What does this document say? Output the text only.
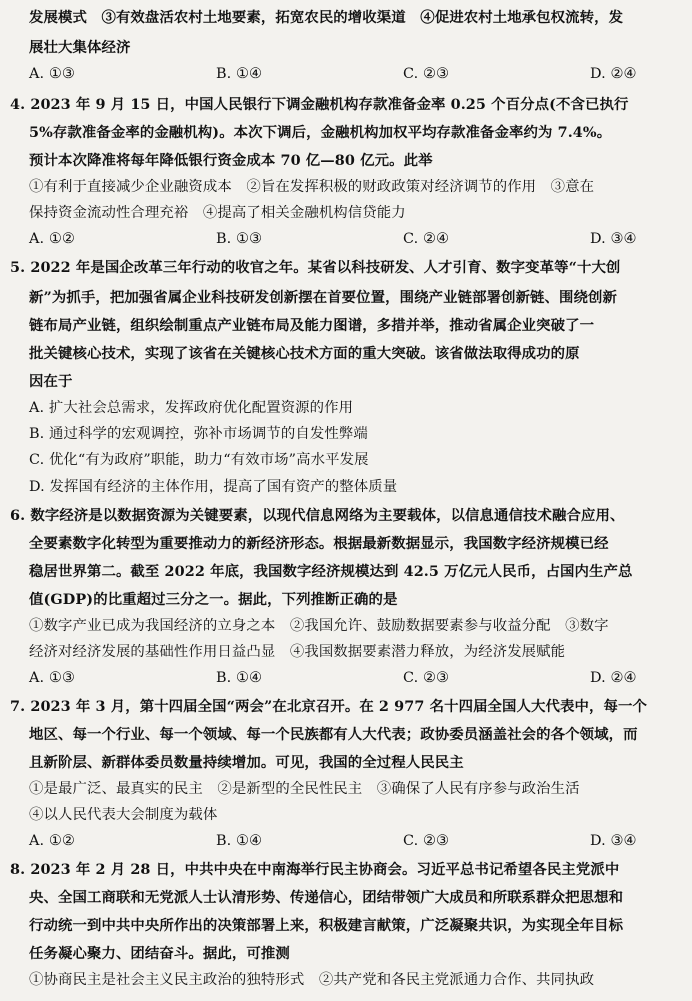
发展模式　③有效盘活农村土地要素，拓宽农民的增收渠道　④促进农村土地承包权流转，发
展壮大集体经济
A. ①③	B. ①④	C. ②③	D. ②④
4. 2023 年 9 月 15 日，中国人民银行下调金融机构存款准备金率 0.25 个百分点(不含已执行
5%存款准备金率的金融机构)。本次下调后，金融机构加权平均存款准备金率约为 7.4%。
预计本次降准将每年降低银行资金成本 70 亿—80 亿元。此举
①有利于直接减少企业融资成本　②旨在发挥积极的财政政策对经济调节的作用　③意在
保持资金流动性合理充裕　④提高了相关金融机构信贷能力
A. ①②	B. ①③	C. ②④	D. ③④
5. 2022 年是国企改革三年行动的收官之年。某省以科技研发、人才引育、数字变革等“十大创
新”为抓手，把加强省属企业科技研发创新摆在首要位置，围绕产业链部署创新链、围绕创新
链布局产业链，组织绘制重点产业链布局及能力图谱，多措并举，推动省属企业突破了一
批关键核心技术，实现了该省在关键核心技术方面的重大突破。该省做法取得成功的原
因在于
A. 扩大社会总需求，发挥政府优化配置资源的作用
B. 通过科学的宏观调控，弥补市场调节的自发性弊端
C. 优化“有为政府”职能，助力“有效市场”高水平发展
D. 发挥国有经济的主体作用，提高了国有资产的整体质量
6. 数字经济是以数据资源为关键要素，以现代信息网络为主要载体，以信息通信技术融合应用、
全要素数字化转型为重要推动力的新经济形态。根据最新数据显示，我国数字经济规模已经
稳居世界第二。截至 2022 年底，我国数字经济规模达到 42.5 万亿元人民币，占国内生产总
值(GDP)的比重超过三分之一。据此，下列推断正确的是
①数字产业已成为我国经济的立身之本　②我国允许、鼓励数据要素参与收益分配　③数字
经济对经济发展的基础性作用日益凸显　④我国数据要素潜力释放，为经济发展赋能
A. ①③	B. ①④	C. ②③	D. ②④
7. 2023 年 3 月，第十四届全国“两会”在北京召开。在 2 977 名十四届全国人大代表中，每一个
地区、每一个行业、每一个领域、每一个民族都有人大代表；政协委员涵盖社会的各个领域，而
且新阶层、新群体委员数量持续增加。可见，我国的全过程人民民主
①是最广泛、最真实的民主　②是新型的全民性民主　③确保了人民有序参与政治生活
④以人民代表大会制度为载体
A. ①②	B. ①④	C. ②③	D. ③④
8. 2023 年 2 月 28 日，中共中央在中南海举行民主协商会。习近平总书记希望各民主党派中
央、全国工商联和无党派人士认清形势、传递信心，团结带领广大成员和所联系群众把思想和
行动统一到中共中央所作出的决策部署上来，积极建言献策，广泛凝聚共识，为实现全年目标
任务凝心聚力、团结奋斗。据此，可推测
①协商民主是社会主义民主政治的独特形式　②共产党和各民主党派通力合作、共同执政
